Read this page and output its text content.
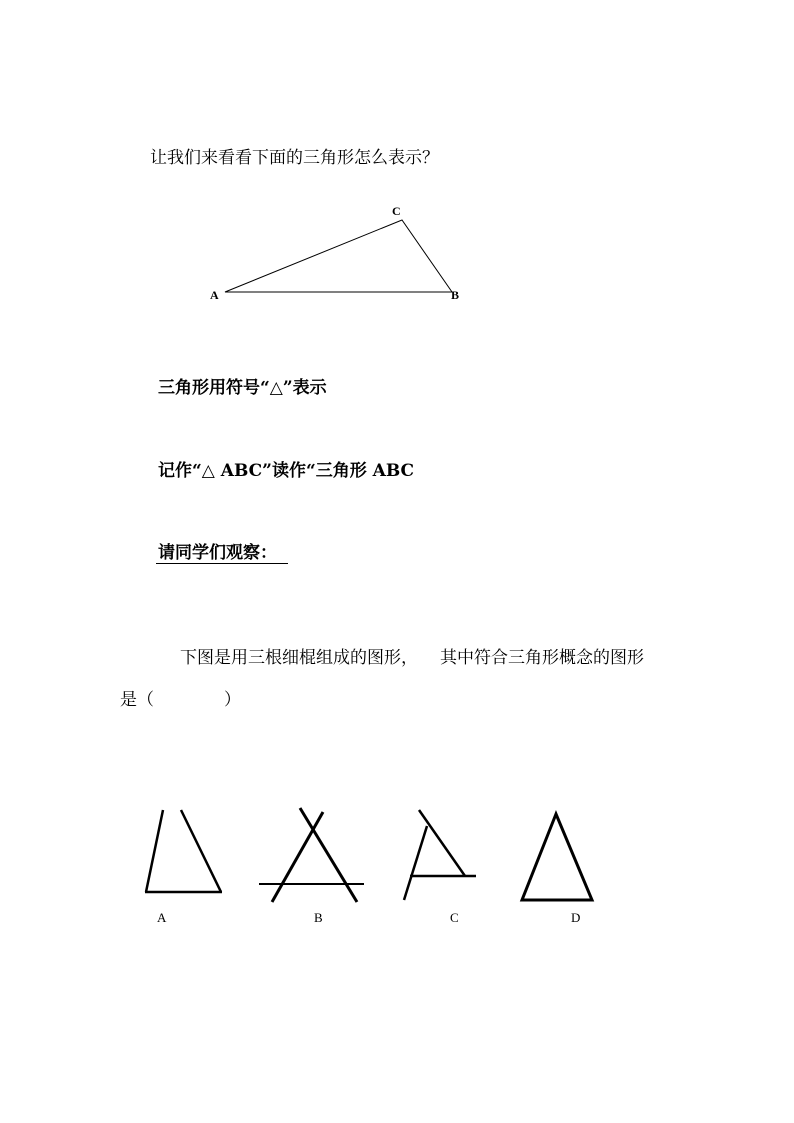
让我们来看看下面的三角形怎么表示？
A	B
C
三角形用符号“△”表示
记作“△ ABC”读作“三角形 ABC
请同学们观察：
下图是用三根细棍组成的图形， 其中符合三角形概念的图形
是（	）
A	B	C	D
